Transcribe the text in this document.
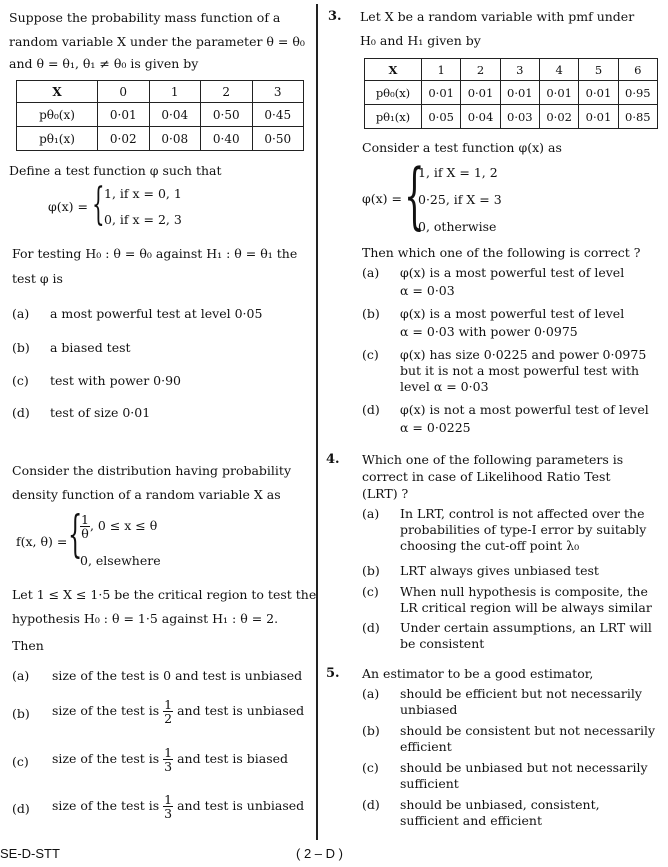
Suppose the probability mass function of a
random variable X under the parameter θ = θ₀
and θ = θ₁, θ₁ ≠ θ₀ is given by
X	0	1	2	3
pθ₀(x)	0·01	0·04	0·50	0·45
pθ₁(x)	0·02	0·08	0·40	0·50
Define a test function φ such that
φ(x) = { 1, if x = 0, 1
0, if x = 2, 3
For testing H₀ : θ = θ₀ against H₁ : θ = θ₁ the
test φ is
(a) a most powerful test at level 0·05
(b) a biased test
(c) test with power 0·90
(d) test of size 0·01
Consider the distribution having probability
density function of a random variable X as
f(x, θ) = {
$\frac{1}{\theta}$ , 0 ≤ x ≤ θ
0, elsewhere
Let 1 ≤ X ≤ 1·5 be the critical region to test the
hypothesis H₀ : θ = 1·5 against H₁ : θ = 2.
Then
(a) size of the test is 0 and test is unbiased
(b) size of the test is $\frac{1}{2}$ and test is unbiased
(c) size of the test is $\frac{1}{3}$ and test is biased
(d) size of the test is $\frac{1}{3}$ and test is unbiased
3. Let X be a random variable with pmf under
H₀ and H₁ given by
X	1	2	3	4	5	6
pθ₀(x)	0·01	0·01	0·01	0·01	0·01	0·95
pθ₁(x)	0·05	0·04	0·03	0·02	0·01	0·85
Consider a test function φ(x) as
φ(x) = {
1, if X = 1, 2
0·25, if X = 3
0, otherwise
Then which one of the following is correct ?
(a) φ(x) is a most powerful test of level
α = 0·03
(b) φ(x) is a most powerful test of level
α = 0·03 with power 0·0975
(c) φ(x) has size 0·0225 and power 0·0975
but it is not a most powerful test with
level α = 0·03
(d) φ(x) is not a most powerful test of level
α = 0·0225
4. Which one of the following parameters is
correct in case of Likelihood Ratio Test
(LRT) ?
(a) In LRT, control is not affected over the
probabilities of type-I error by suitably
choosing the cut-off point λ₀
(b) LRT always gives unbiased test
(c) When null hypothesis is composite, the
LR critical region will be always similar
(d) Under certain assumptions, an LRT will
be consistent
5. An estimator to be a good estimator,
(a) should be efficient but not necessarily
unbiased
(b) should be consistent but not necessarily
efficient
(c) should be unbiased but not necessarily
sufficient
(d) should be unbiased, consistent,
sufficient and efficient
SE-D-STT	( 2 – D )
